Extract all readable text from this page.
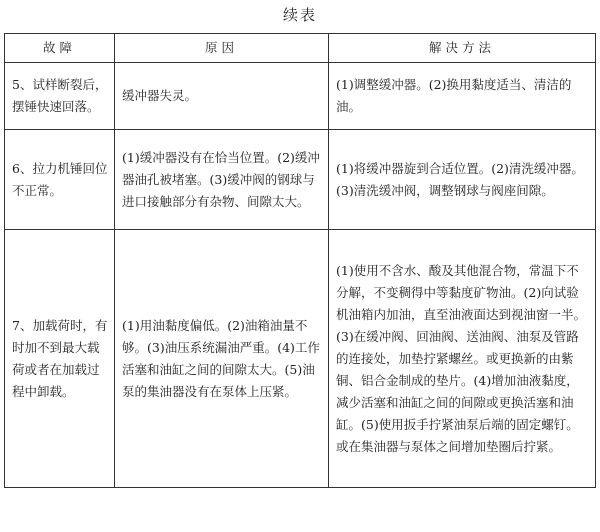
续表
故障	原因	解决方法
5、试样断裂后，摆锤快速回落。	缓冲器失灵。	(1)调整缓冲器。(2)换用黏度适当、清洁的油。
6、拉力机锤回位不正常。	(1)缓冲器没有在恰当位置。(2)缓冲器油孔被堵塞。(3)缓冲阀的钢球与进口接触部分有杂物、间隙太大。	(1)将缓冲器旋到合适位置。(2)清洗缓冲器。(3)清洗缓冲阀，调整钢球与阀座间隙。
7、加载荷时，有时加不到最大载荷或者在加载过程中卸载。	(1)用油黏度偏低。(2)油箱油量不够。(3)油压系统漏油严重。(4)工作活塞和油缸之间的间隙太大。(5)油泵的集油器没有在泵体上压紧。	(1)使用不含水、酸及其他混合物，常温下不分解，不变稠得中等黏度矿物油。(2)向试验机油箱内加油，直至油液面达到视油窗一半。(3)在缓冲阀、回油阀、送油阀、油泵及管路的连接处，加垫拧紧螺丝。或更换新的由紫铜、铝合金制成的垫片。(4)增加油液黏度，减少活塞和油缸之间的间隙或更换活塞和油缸。(5)使用扳手拧紧油泵后端的固定螺钉。或在集油器与泵体之间增加垫圈后拧紧。
